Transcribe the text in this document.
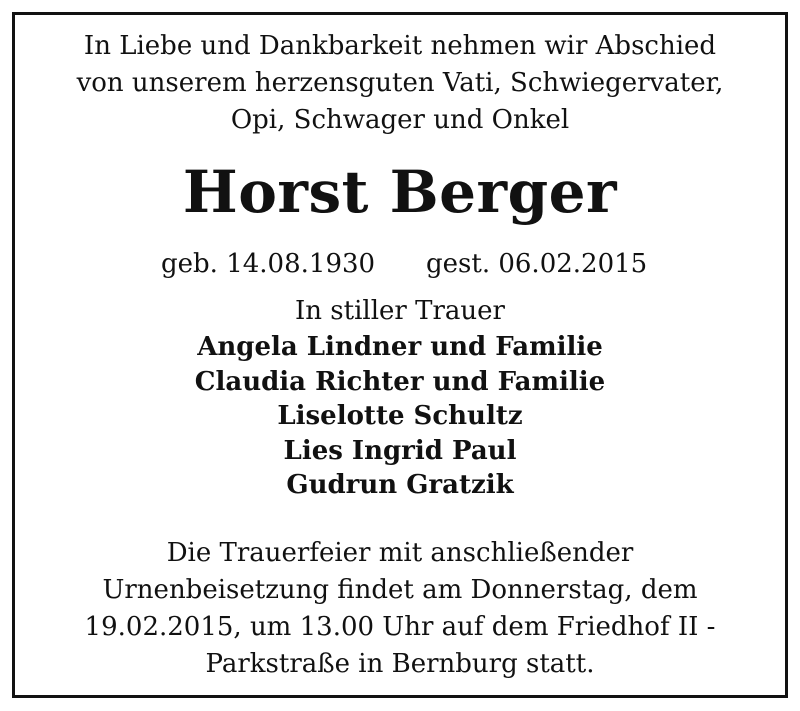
In Liebe und Dankbarkeit nehmen wir Abschied
von unserem herzensguten Vati, Schwiegervater,
Opi, Schwager und Onkel
Horst Berger
geb. 14.08.1930 gest. 06.02.2015
In stiller Trauer
Angela Lindner und Familie
Claudia Richter und Familie
Liselotte Schultz
Lies Ingrid Paul
Gudrun Gratzik
Die Trauerfeier mit anschließender
Urnenbeisetzung findet am Donnerstag, dem
19.02.2015, um 13.00 Uhr auf dem Friedhof II -
Parkstraße in Bernburg statt.
